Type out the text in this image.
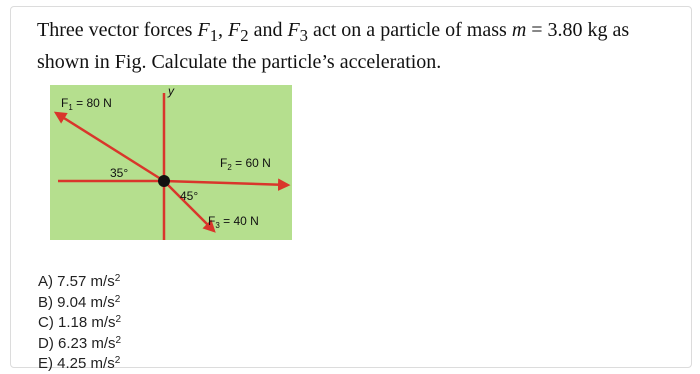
Three vector forces $F_1$, $F_2$ and $F_3$ act on a particle of mass m = 3.80 kg as shown in Fig. Calculate the particle’s acceleration.
$F_1 = 80$ N
$F_2 = 60$ N
$F_3 = 40$ N
y
35°
45°
A) 7.57 $m/s^2$
B) 9.04 $m/s^2$
C) 1.18 $m/s^2$
D) 6.23 $m/s^2$
E) 4.25 $m/s^2$
